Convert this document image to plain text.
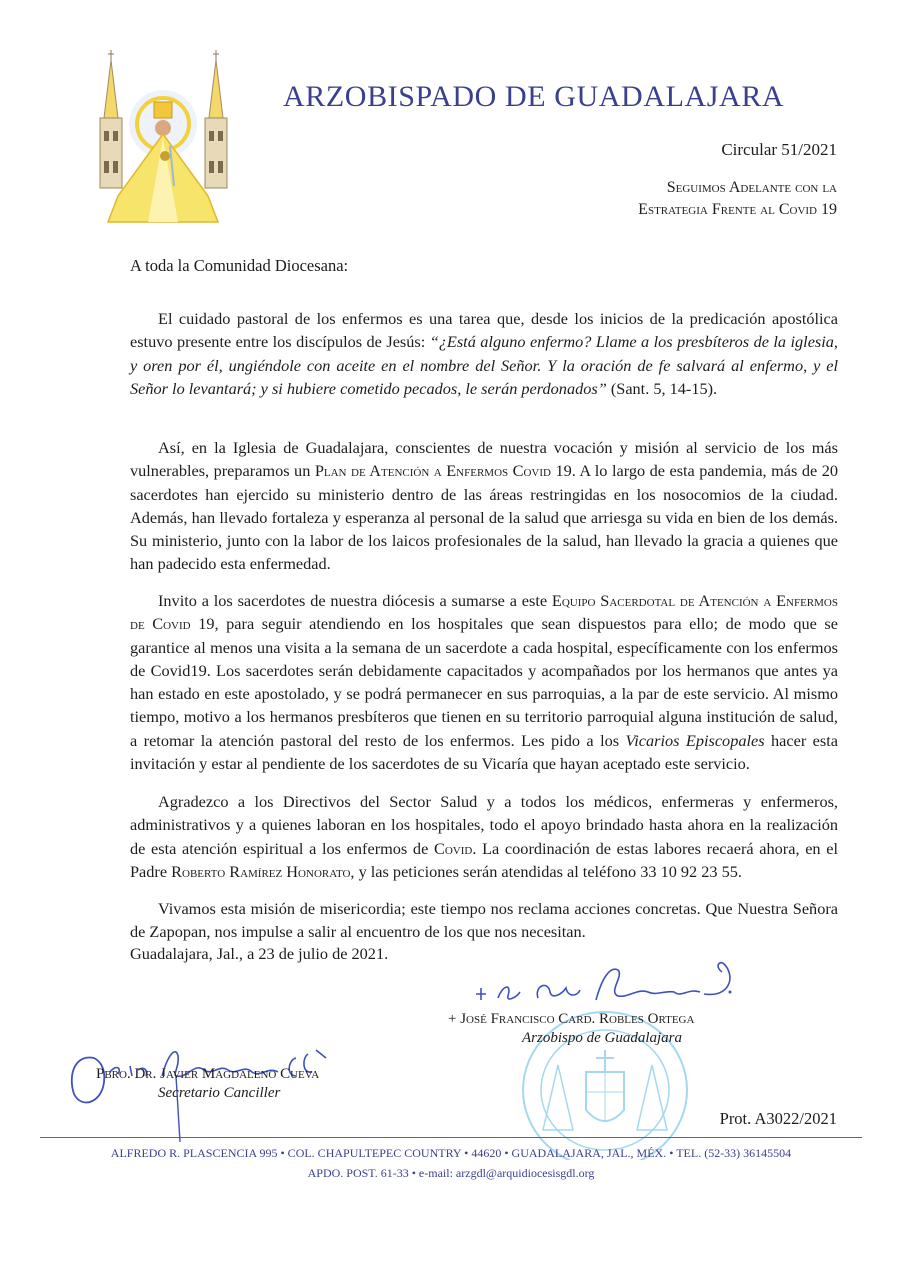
ARZOBISPADO DE GUADALAJARA
Circular 51/2021
Seguimos Adelante con la
Estrategia Frente al Covid 19
A toda la Comunidad Diocesana:

El cuidado pastoral de los enfermos es una tarea que, desde los inicios de la predicación apostólica estuvo presente entre los discípulos de Jesús: “¿Está alguno enfermo? Llame a los presbíteros de la iglesia, y oren por él, ungiéndole con aceite en el nombre del Señor. Y la oración de fe salvará al enfermo, y el Señor lo levantará; y si hubiere cometido pecados, le serán perdonados” (Sant. 5, 14-15).

Así, en la Iglesia de Guadalajara, conscientes de nuestra vocación y misión al servicio de los más vulnerables, preparamos un Plan de Atención a Enfermos Covid 19. A lo largo de esta pandemia, más de 20 sacerdotes han ejercido su ministerio dentro de las áreas restringidas en los nosocomios de la ciudad. Además, han llevado fortaleza y esperanza al personal de la salud que arriesga su vida en bien de los demás. Su ministerio, junto con la labor de los laicos profesionales de la salud, han llevado la gracia a quienes que han padecido esta enfermedad.

Invito a los sacerdotes de nuestra diócesis a sumarse a este Equipo Sacerdotal de Atención a Enfermos de Covid 19, para seguir atendiendo en los hospitales que sean dispuestos para ello; de modo que se garantice al menos una visita a la semana de un sacerdote a cada hospital, específicamente con los enfermos de Covid19. Los sacerdotes serán debidamente capacitados y acompañados por los hermanos que antes ya han estado en este apostolado, y se podrá permanecer en sus parroquias, a la par de este servicio. Al mismo tiempo, motivo a los hermanos presbíteros que tienen en su territorio parroquial alguna institución de salud, a retomar la atención pastoral del resto de los enfermos. Les pido a los Vicarios Episcopales hacer esta invitación y estar al pendiente de los sacerdotes de su Vicaría que hayan aceptado este servicio.

Agradezco a los Directivos del Sector Salud y a todos los médicos, enfermeras y enfermeros, administrativos y a quienes laboran en los hospitales, todo el apoyo brindado hasta ahora en la realización de esta atención espiritual a los enfermos de Covid. La coordinación de estas labores recaerá ahora, en el Padre Roberto Ramírez Honorato, y las peticiones serán atendidas al teléfono 33 10 92 23 55.

Vivamos esta misión de misericordia; este tiempo nos reclama acciones concretas. Que Nuestra Señora de Zapopan, nos impulse a salir al encuentro de los que nos necesitan.

Guadalajara, Jal., a 23 de julio de 2021.
+ José Francisco Card. Robles Ortega
Arzobispo de Guadalajara
Pbro. Dr. Javier Magdaleno Cueva
Secretario Canciller
Prot. A3022/2021
ALFREDO R. PLASCENCIA 995 • COL. CHAPULTEPEC COUNTRY • 44620 • GUADALAJARA, JAL., MÉX. • TEL. (52-33) 36145504
APDO. POST. 61-33 • e-mail: arzgdl@arquidiocesisgdl.org
